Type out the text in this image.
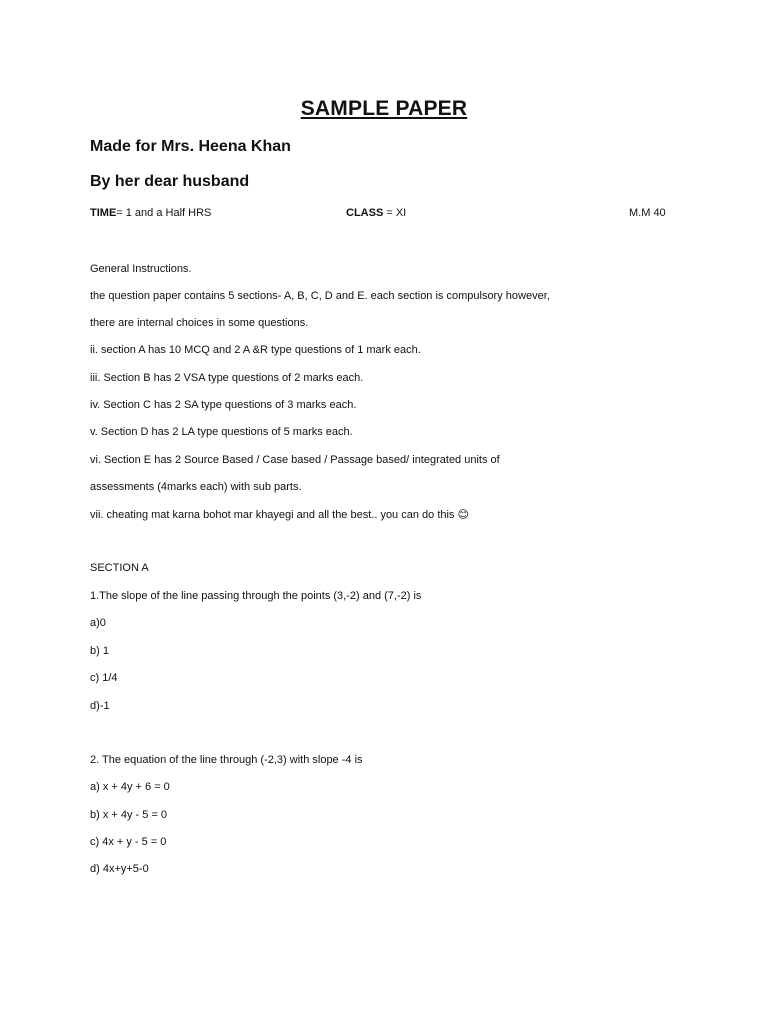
SAMPLE PAPER
Made for Mrs. Heena Khan
By her dear husband
TIME= 1 and a Half HRS	CLASS = XI	M.M 40
General Instructions.
the question paper contains 5 sections- A, B, C, D and E. each section is compulsory however,
there are internal choices in some questions.
ii. section A has 10 MCQ and 2 A &R type questions of 1 mark each.
iii. Section B has 2 VSA type questions of 2 marks each.
iv. Section C has 2 SA type questions of 3 marks each.
v. Section D has 2 LA type questions of 5 marks each.
vi. Section E has 2 Source Based / Case based / Passage based/ integrated units of
assessments (4marks each) with sub parts.
vii. cheating mat karna bohot mar khayegi and all the best.. you can do this 😊
SECTION A
1.The slope of the line passing through the points (3,-2) and (7,-2) is
a)0
b) 1
c) 1/4
d)-1
2. The equation of the line through (-2,3) with slope -4 is
a) x + 4y + 6 = 0
b) x + 4y - 5 = 0
c) 4x + y - 5 = 0
d) 4x+y+5-0
